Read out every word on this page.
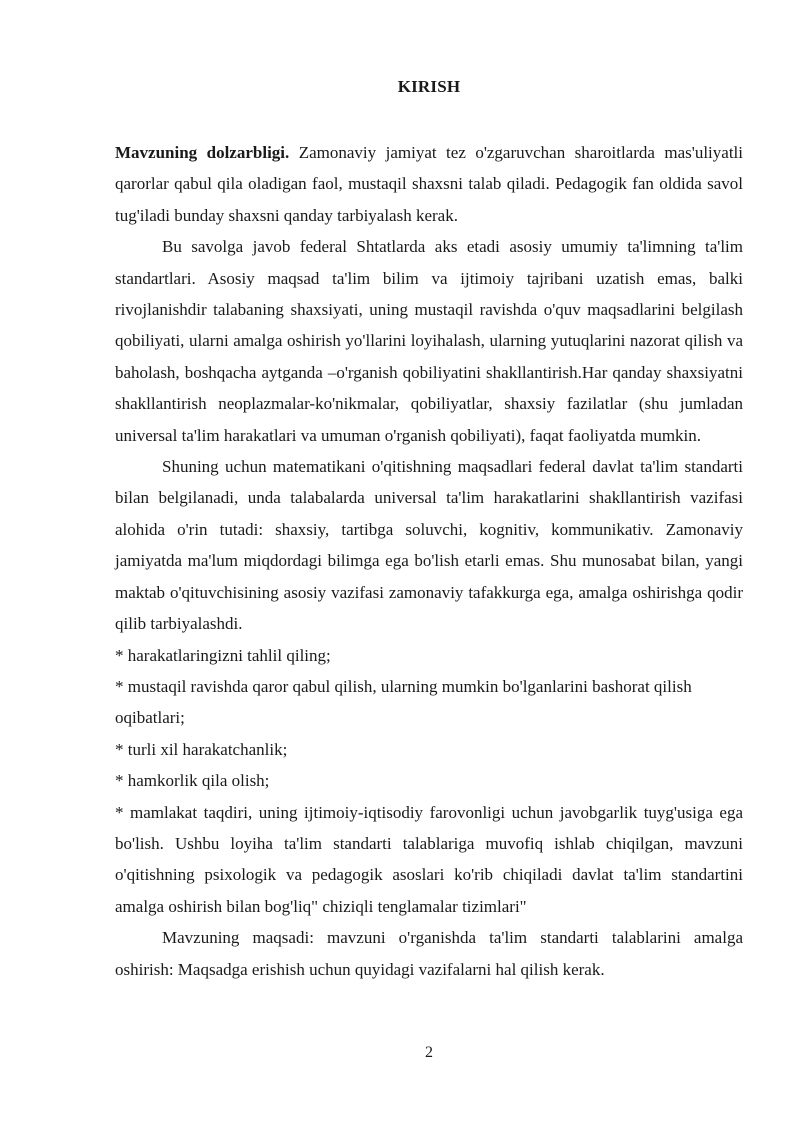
KIRISH

Mavzuning dolzarbligi. Zamonaviy jamiyat tez o'zgaruvchan sharoitlarda mas'uliyatli qarorlar qabul qila oladigan faol, mustaqil shaxsni talab qiladi. Pedagogik fan oldida savol tug'iladi bunday shaxsni qanday tarbiyalash kerak.

Bu savolga javob federal Shtatlarda aks etadi asosiy umumiy ta'limning ta'lim standartlari. Asosiy maqsad ta'lim bilim va ijtimoiy tajribani uzatish emas, balki rivojlanishdir talabaning shaxsiyati, uning mustaqil ravishda o'quv maqsadlarini belgilash qobiliyati, ularni amalga oshirish yo'llarini loyihalash, ularning yutuqlarini nazorat qilish va baholash, boshqacha aytganda –o'rganish qobiliyatini shakllantirish.Har qanday shaxsiyatni shakllantirish neoplazmalar-ko'nikmalar, qobiliyatlar, shaxsiy fazilatlar (shu jumladan universal ta'lim harakatlari va umuman o'rganish qobiliyati), faqat faoliyatda mumkin.

Shuning uchun matematikani o'qitishning maqsadlari federal davlat ta'lim standarti bilan belgilanadi, unda talabalarda universal ta'lim harakatlarini shakllantirish vazifasi alohida o'rin tutadi: shaxsiy, tartibga soluvchi, kognitiv, kommunikativ. Zamonaviy jamiyatda ma'lum miqdordagi bilimga ega bo'lish etarli emas. Shu munosabat bilan, yangi maktab o'qituvchisining asosiy vazifasi zamonaviy tafakkurga ega, amalga oshirishga qodir qilib tarbiyalashdi.

* harakatlaringizni tahlil qiling;

* mustaqil ravishda qaror qabul qilish, ularning mumkin bo'lganlarini bashorat qilish oqibatlari;

* turli xil harakatchanlik;

* hamkorlik qila olish;

* mamlakat taqdiri, uning ijtimoiy-iqtisodiy farovonligi uchun javobgarlik tuyg'usiga ega bo'lish. Ushbu loyiha ta'lim standarti talablariga muvofiq ishlab chiqilgan, mavzuni o'qitishning psixologik va pedagogik asoslari ko'rib chiqiladi davlat ta'lim standartini amalga oshirish bilan bog'liq" chiziqli tenglamalar tizimlari"

Mavzuning maqsadi: mavzuni o'rganishda ta'lim standarti talablarini amalga oshirish: Maqsadga erishish uchun quyidagi vazifalarni hal qilish kerak.

2
